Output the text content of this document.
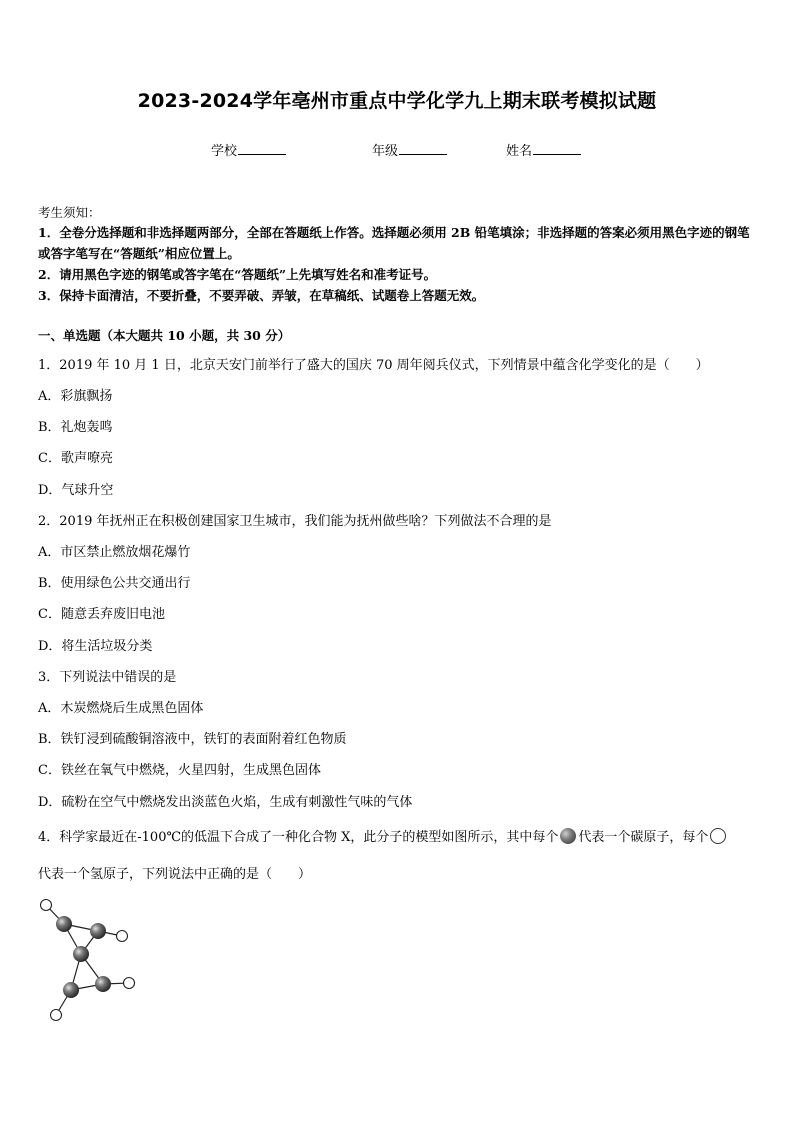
2023-2024学年亳州市重点中学化学九上期末联考模拟试题
学校	年级	姓名
考生须知：

1．全卷分选择题和非选择题两部分，全部在答题纸上作答。选择题必须用 2B 铅笔填涂；非选择题的答案必须用黑色字迹的钢笔或答字笔写在“答题纸”相应位置上。

2．请用黑色字迹的钢笔或答字笔在“答题纸”上先填写姓名和准考证号。

3．保持卡面清洁，不要折叠，不要弄破、弄皱，在草稿纸、试题卷上答题无效。

一、单选题（本大题共 10 小题，共 30 分）
1．2019 年 10 月 1 日，北京天安门前举行了盛大的国庆 70 周年阅兵仪式，下列情景中蕴含化学变化的是（　　）
A．彩旗飘扬
B．礼炮轰鸣
C．歌声嘹亮
D．气球升空
2．2019 年抚州正在积极创建国家卫生城市，我们能为抚州做些啥？下列做法不合理的是
A．市区禁止燃放烟花爆竹
B．使用绿色公共交通出行
C．随意丢弃废旧电池
D．将生活垃圾分类
3．下列说法中错误的是
A．木炭燃烧后生成黑色固体
B．铁钉浸到硫酸铜溶液中，铁钉的表面附着红色物质
C．铁丝在氧气中燃烧，火星四射，生成黑色固体
D．硫粉在空气中燃烧发出淡蓝色火焰，生成有刺激性气味的气体
4．科学家最近在-100℃的低温下合成了一种化合物 X，此分子的模型如图所示，其中每个 代表一个碳原子，每个
代表一个氢原子，下列说法中正确的是（　　）
